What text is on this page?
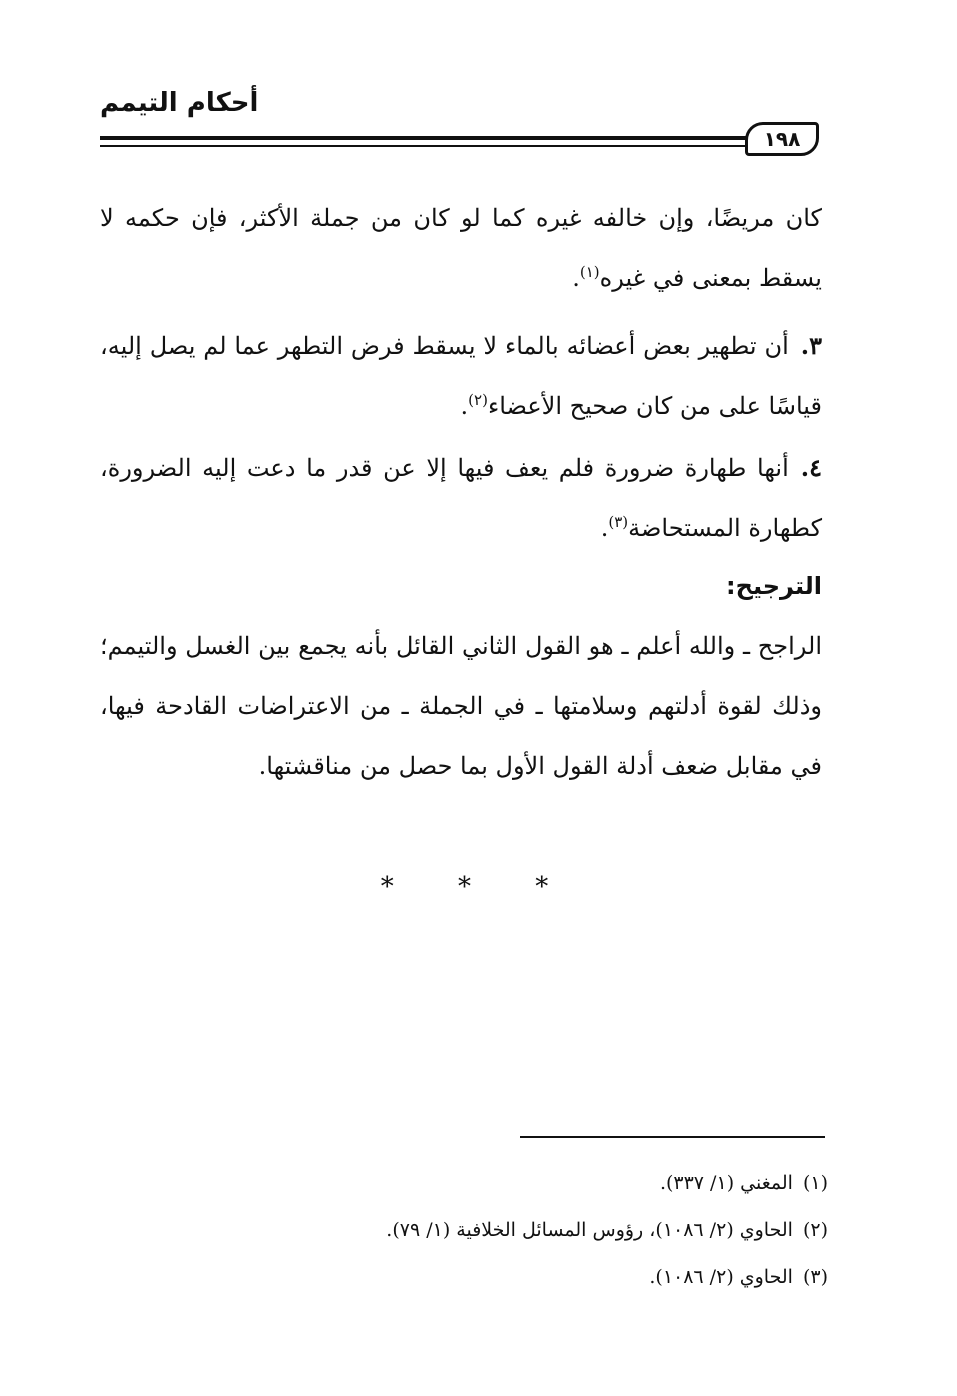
أحكام التيمم
١٩٨

كان مريضًا، وإن خالفه غيره كما لو كان من جملة الأكثر، فإن حكمه لا يسقط بمعنى في غيره$^{(١)}$.

٣.أن تطهير بعض أعضائه بالماء لا يسقط فرض التطهر عما لم يصل إليه، قياسًا على من كان صحيح الأعضاء$^{(٢)}$.

٤.أنها طهارة ضرورة فلم يعف فيها إلا عن قدر ما دعت إليه الضرورة، كطهارة المستحاضة$^{(٣)}$.

الترجيح:

الراجح ـ والله أعلم ـ هو القول الثاني القائل بأنه يجمع بين الغسل والتيمم؛ وذلك لقوة أدلتهم وسلامتها ـ في الجملة ـ من الاعتراضات القادحة فيها، في مقابل ضعف أدلة القول الأول بما حصل من مناقشتها.

* * *

(١)المغني (١/ ٣٣٧).

(٢)الحاوي (٢/ ١٠٨٦)، رؤوس المسائل الخلافية (١/ ٧٩).

(٣)الحاوي (٢/ ١٠٨٦).
